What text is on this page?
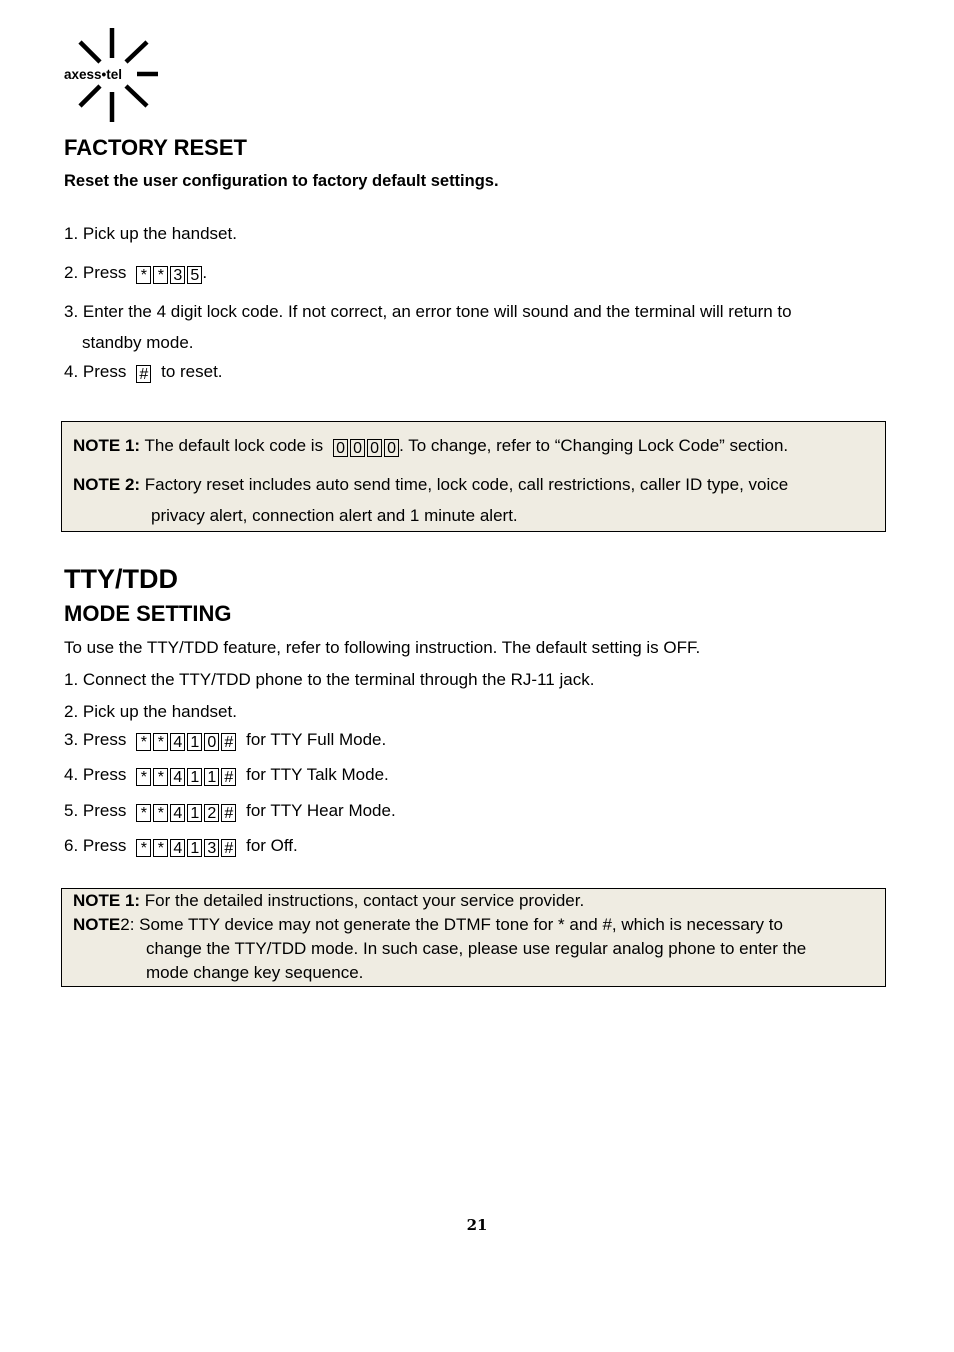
axess•tel
FACTORY RESET
Reset the user configuration to factory default settings.
1. Pick up the handset.
2. Press * * 3 5 .
3. Enter the 4 digit lock code. If not correct, an error tone will sound and the terminal will return to
standby mode.
4. Press # to reset.
NOTE 1: The default lock code is 0 0 0 0 . To change, refer to “Changing Lock Code” section.
NOTE 2: Factory reset includes auto send time, lock code, call restrictions, caller ID type, voice
privacy alert, connection alert and 1 minute alert.
TTY/TDD
MODE SETTING
To use the TTY/TDD feature, refer to following instruction. The default setting is OFF.
1. Connect the TTY/TDD phone to the terminal through the RJ-11 jack.
2. Pick up the handset.
3. Press * * 4 1 0 # for TTY Full Mode.
4. Press * * 4 1 1 # for TTY Talk Mode.
5. Press * * 4 1 2 # for TTY Hear Mode.
6. Press * * 4 1 3 # for Off.
NOTE 1: For the detailed instructions, contact your service provider.
NOTE2: Some TTY device may not generate the DTMF tone for * and #, which is necessary to
change the TTY/TDD mode. In such case, please use regular analog phone to enter the
mode change key sequence.
21
